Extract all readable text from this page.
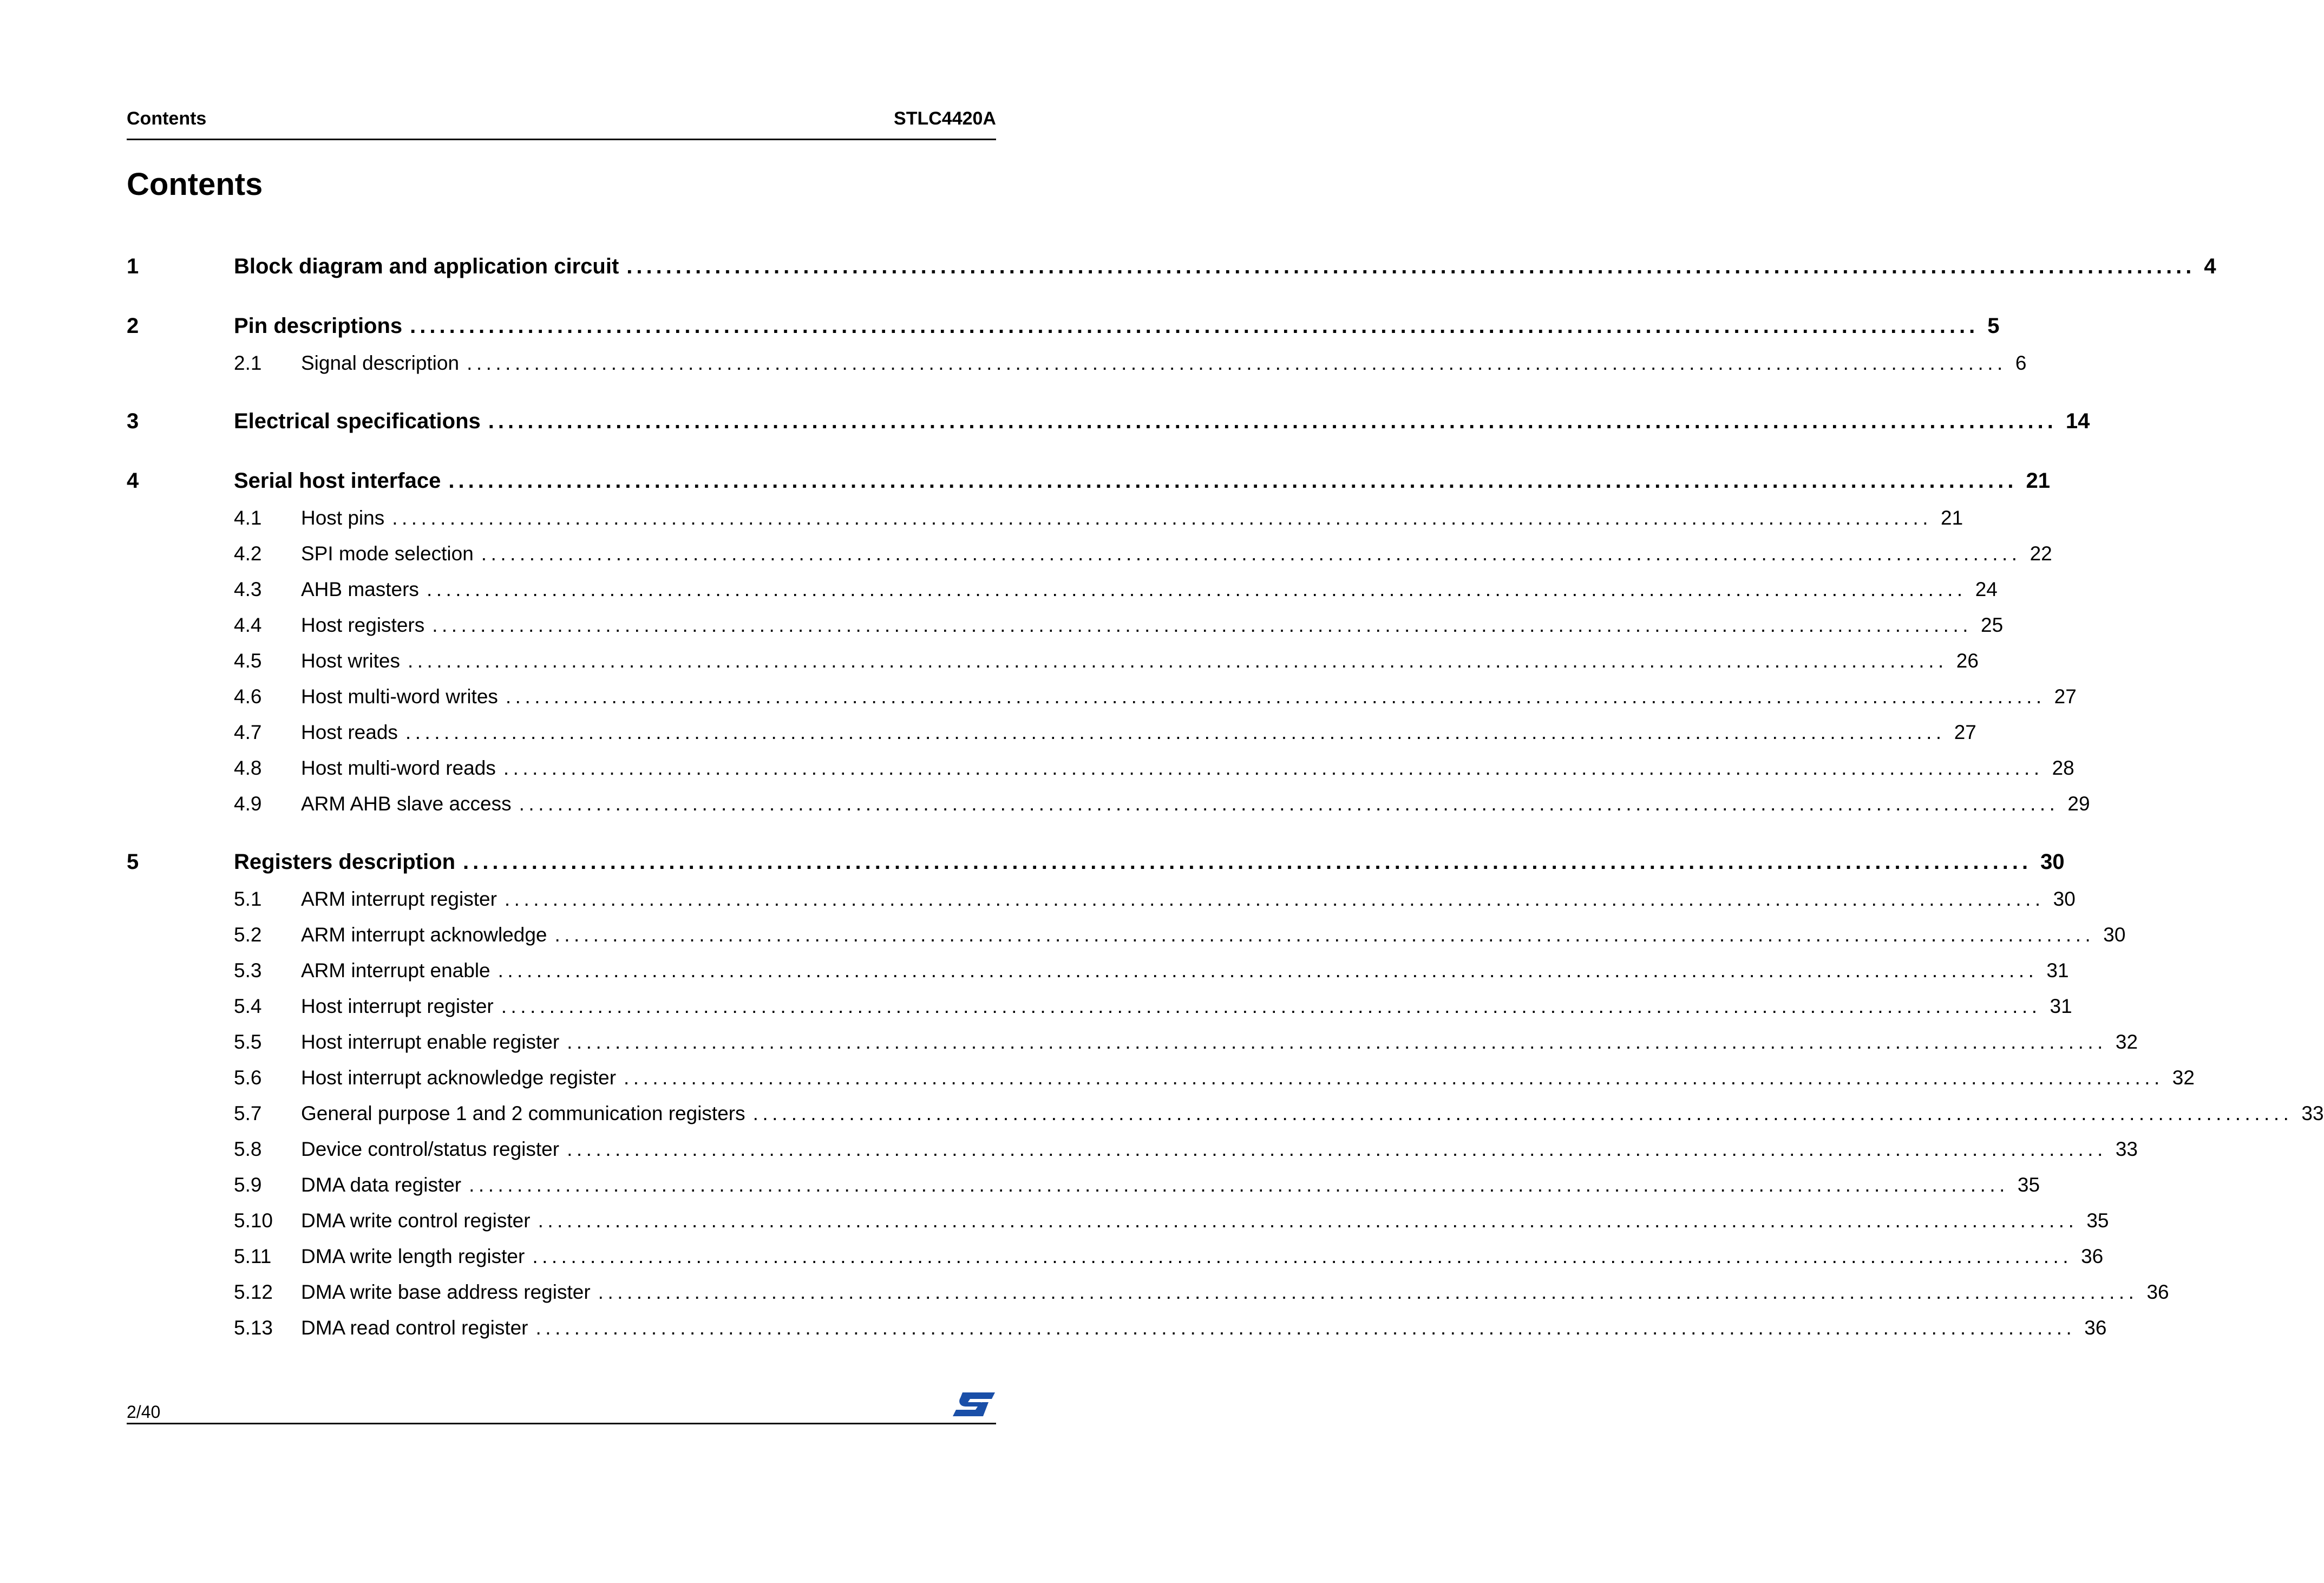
Contents	STLC4420A
Contents
1	Block diagram and application circuit ................................................................................................................................................................ 4
2	Pin descriptions ................................................................................................................................................................ 5
2.1	Signal description ................................................................................................................................................................ 6
3	Electrical specifications ................................................................................................................................................................ 14
4	Serial host interface ................................................................................................................................................................ 21
4.1	Host pins ................................................................................................................................................................ 21
4.2	SPI mode selection ................................................................................................................................................................ 22
4.3	AHB masters ................................................................................................................................................................ 24
4.4	Host registers ................................................................................................................................................................ 25
4.5	Host writes ................................................................................................................................................................ 26
4.6	Host multi-word writes ................................................................................................................................................................ 27
4.7	Host reads ................................................................................................................................................................ 27
4.8	Host multi-word reads ................................................................................................................................................................ 28
4.9	ARM AHB slave access ................................................................................................................................................................ 29
5	Registers description ................................................................................................................................................................ 30
5.1	ARM interrupt register ................................................................................................................................................................ 30
5.2	ARM interrupt acknowledge ................................................................................................................................................................ 30
5.3	ARM interrupt enable ................................................................................................................................................................ 31
5.4	Host interrupt register ................................................................................................................................................................ 31
5.5	Host interrupt enable register ................................................................................................................................................................ 32
5.6	Host interrupt acknowledge register ................................................................................................................................................................ 32
5.7	General purpose 1 and 2 communication registers ................................................................................................................................................................ 33
5.8	Device control/status register ................................................................................................................................................................ 33
5.9	DMA data register ................................................................................................................................................................ 35
5.10	DMA write control register ................................................................................................................................................................ 35
5.11	DMA write length register ................................................................................................................................................................ 36
5.12	DMA write base address register ................................................................................................................................................................ 36
5.13	DMA read control register ................................................................................................................................................................ 36
2/40
